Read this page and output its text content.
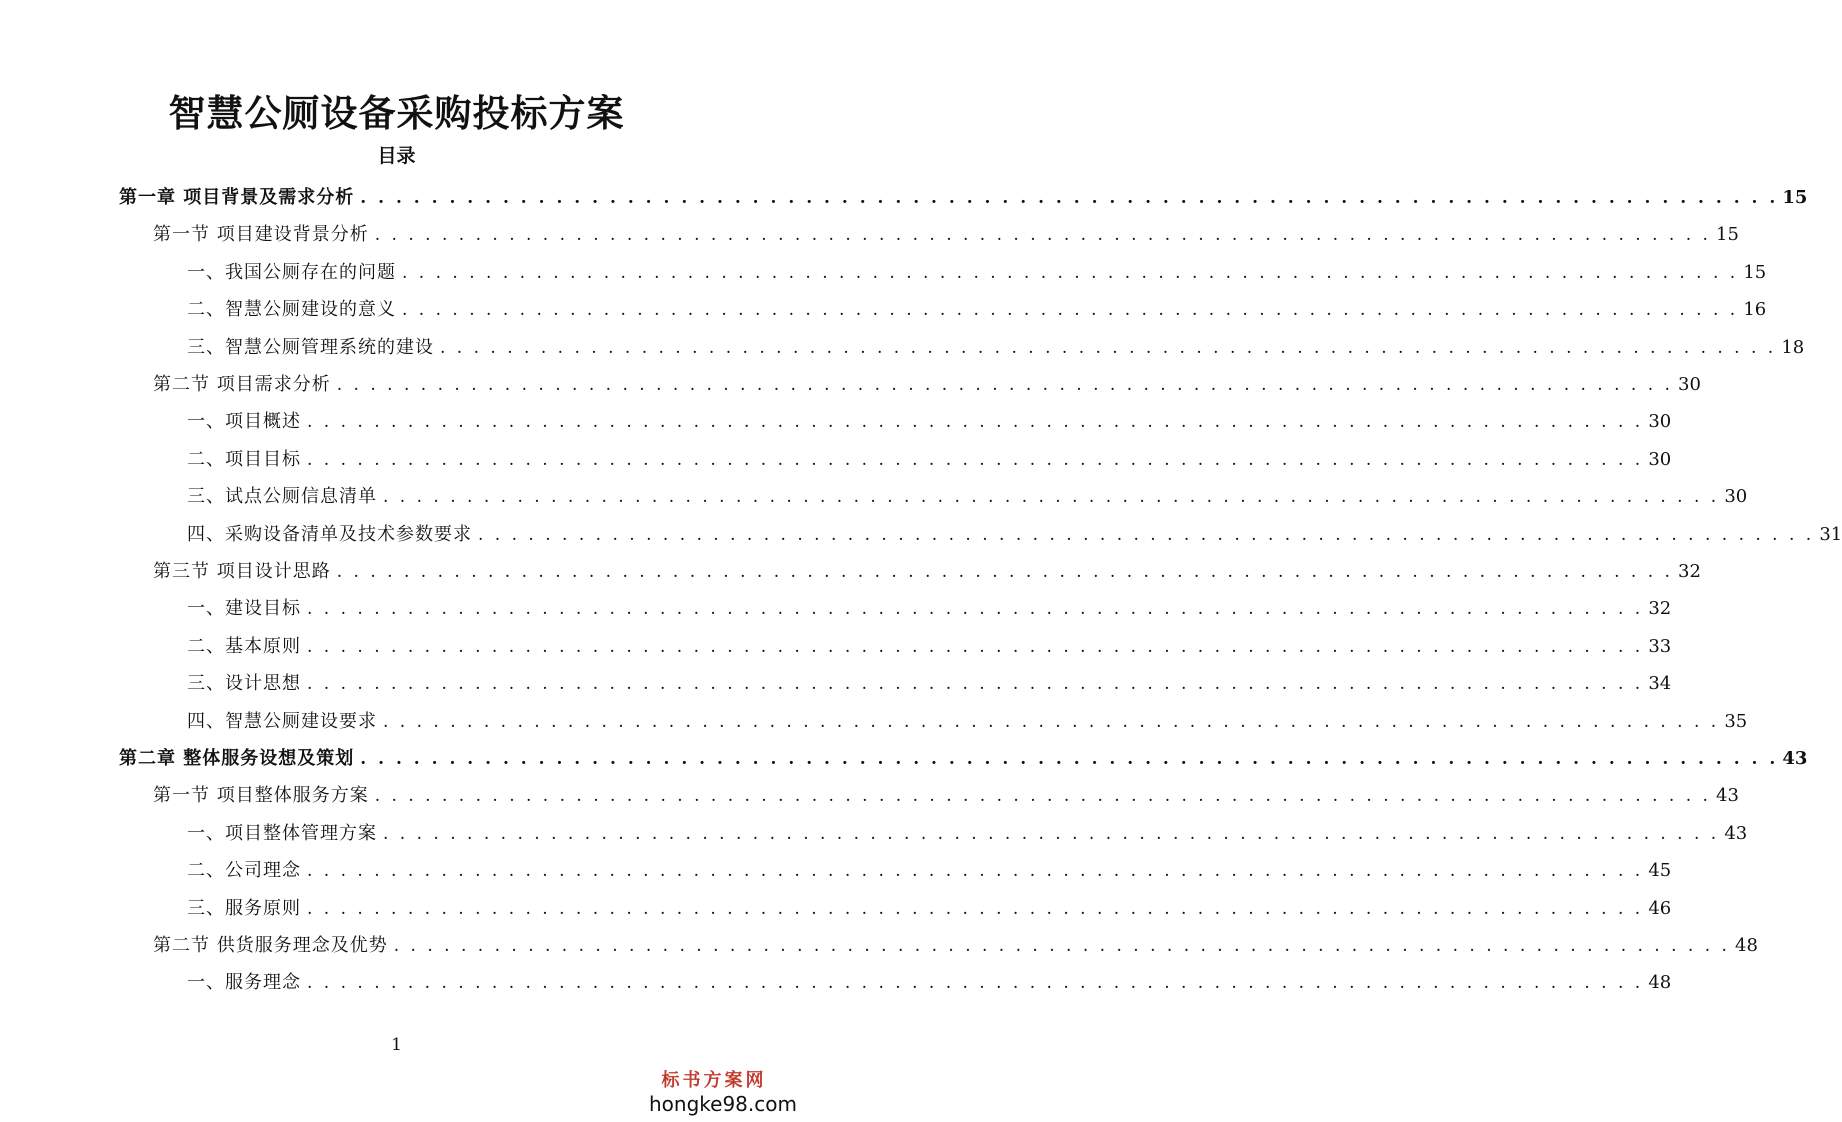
智慧公厕设备采购投标方案
目录
第一章 项目背景及需求分析 . . . . . . . . . . . . . . . . . . . . . . . . . . . . . . . . . . . . . . . . . . . . . . . . . . . . . . . . . . . . . . . . . . . . . . . . . . . . . . . . 15
第一节 项目建设背景分析 . . . . . . . . . . . . . . . . . . . . . . . . . . . . . . . . . . . . . . . . . . . . . . . . . . . . . . . . . . . . . . . . . . . . . . . . . . . . . . . . 15
一、我国公厕存在的问题 . . . . . . . . . . . . . . . . . . . . . . . . . . . . . . . . . . . . . . . . . . . . . . . . . . . . . . . . . . . . . . . . . . . . . . . . . . . . . . . . 15
二、智慧公厕建设的意义 . . . . . . . . . . . . . . . . . . . . . . . . . . . . . . . . . . . . . . . . . . . . . . . . . . . . . . . . . . . . . . . . . . . . . . . . . . . . . . . . 16
三、智慧公厕管理系统的建设 . . . . . . . . . . . . . . . . . . . . . . . . . . . . . . . . . . . . . . . . . . . . . . . . . . . . . . . . . . . . . . . . . . . . . . . . . . . . . . . . 18
第二节 项目需求分析 . . . . . . . . . . . . . . . . . . . . . . . . . . . . . . . . . . . . . . . . . . . . . . . . . . . . . . . . . . . . . . . . . . . . . . . . . . . . . . . . 30
一、项目概述 . . . . . . . . . . . . . . . . . . . . . . . . . . . . . . . . . . . . . . . . . . . . . . . . . . . . . . . . . . . . . . . . . . . . . . . . . . . . . . . . 30
二、项目目标 . . . . . . . . . . . . . . . . . . . . . . . . . . . . . . . . . . . . . . . . . . . . . . . . . . . . . . . . . . . . . . . . . . . . . . . . . . . . . . . . 30
三、试点公厕信息清单 . . . . . . . . . . . . . . . . . . . . . . . . . . . . . . . . . . . . . . . . . . . . . . . . . . . . . . . . . . . . . . . . . . . . . . . . . . . . . . . . 30
四、采购设备清单及技术参数要求 . . . . . . . . . . . . . . . . . . . . . . . . . . . . . . . . . . . . . . . . . . . . . . . . . . . . . . . . . . . . . . . . . . . . . . . . . . . . . . . . 31
第三节 项目设计思路 . . . . . . . . . . . . . . . . . . . . . . . . . . . . . . . . . . . . . . . . . . . . . . . . . . . . . . . . . . . . . . . . . . . . . . . . . . . . . . . . 32
一、建设目标 . . . . . . . . . . . . . . . . . . . . . . . . . . . . . . . . . . . . . . . . . . . . . . . . . . . . . . . . . . . . . . . . . . . . . . . . . . . . . . . . 32
二、基本原则 . . . . . . . . . . . . . . . . . . . . . . . . . . . . . . . . . . . . . . . . . . . . . . . . . . . . . . . . . . . . . . . . . . . . . . . . . . . . . . . . 33
三、设计思想 . . . . . . . . . . . . . . . . . . . . . . . . . . . . . . . . . . . . . . . . . . . . . . . . . . . . . . . . . . . . . . . . . . . . . . . . . . . . . . . . 34
四、智慧公厕建设要求 . . . . . . . . . . . . . . . . . . . . . . . . . . . . . . . . . . . . . . . . . . . . . . . . . . . . . . . . . . . . . . . . . . . . . . . . . . . . . . . . 35
第二章 整体服务设想及策划 . . . . . . . . . . . . . . . . . . . . . . . . . . . . . . . . . . . . . . . . . . . . . . . . . . . . . . . . . . . . . . . . . . . . . . . . . . . . . . . . 43
第一节 项目整体服务方案 . . . . . . . . . . . . . . . . . . . . . . . . . . . . . . . . . . . . . . . . . . . . . . . . . . . . . . . . . . . . . . . . . . . . . . . . . . . . . . . . 43
一、项目整体管理方案 . . . . . . . . . . . . . . . . . . . . . . . . . . . . . . . . . . . . . . . . . . . . . . . . . . . . . . . . . . . . . . . . . . . . . . . . . . . . . . . . 43
二、公司理念 . . . . . . . . . . . . . . . . . . . . . . . . . . . . . . . . . . . . . . . . . . . . . . . . . . . . . . . . . . . . . . . . . . . . . . . . . . . . . . . . 45
三、服务原则 . . . . . . . . . . . . . . . . . . . . . . . . . . . . . . . . . . . . . . . . . . . . . . . . . . . . . . . . . . . . . . . . . . . . . . . . . . . . . . . . 46
第二节 供货服务理念及优势 . . . . . . . . . . . . . . . . . . . . . . . . . . . . . . . . . . . . . . . . . . . . . . . . . . . . . . . . . . . . . . . . . . . . . . . . . . . . . . . . 48
一、服务理念 . . . . . . . . . . . . . . . . . . . . . . . . . . . . . . . . . . . . . . . . . . . . . . . . . . . . . . . . . . . . . . . . . . . . . . . . . . . . . . . . 48
1
标书方案网
hongke98.com
